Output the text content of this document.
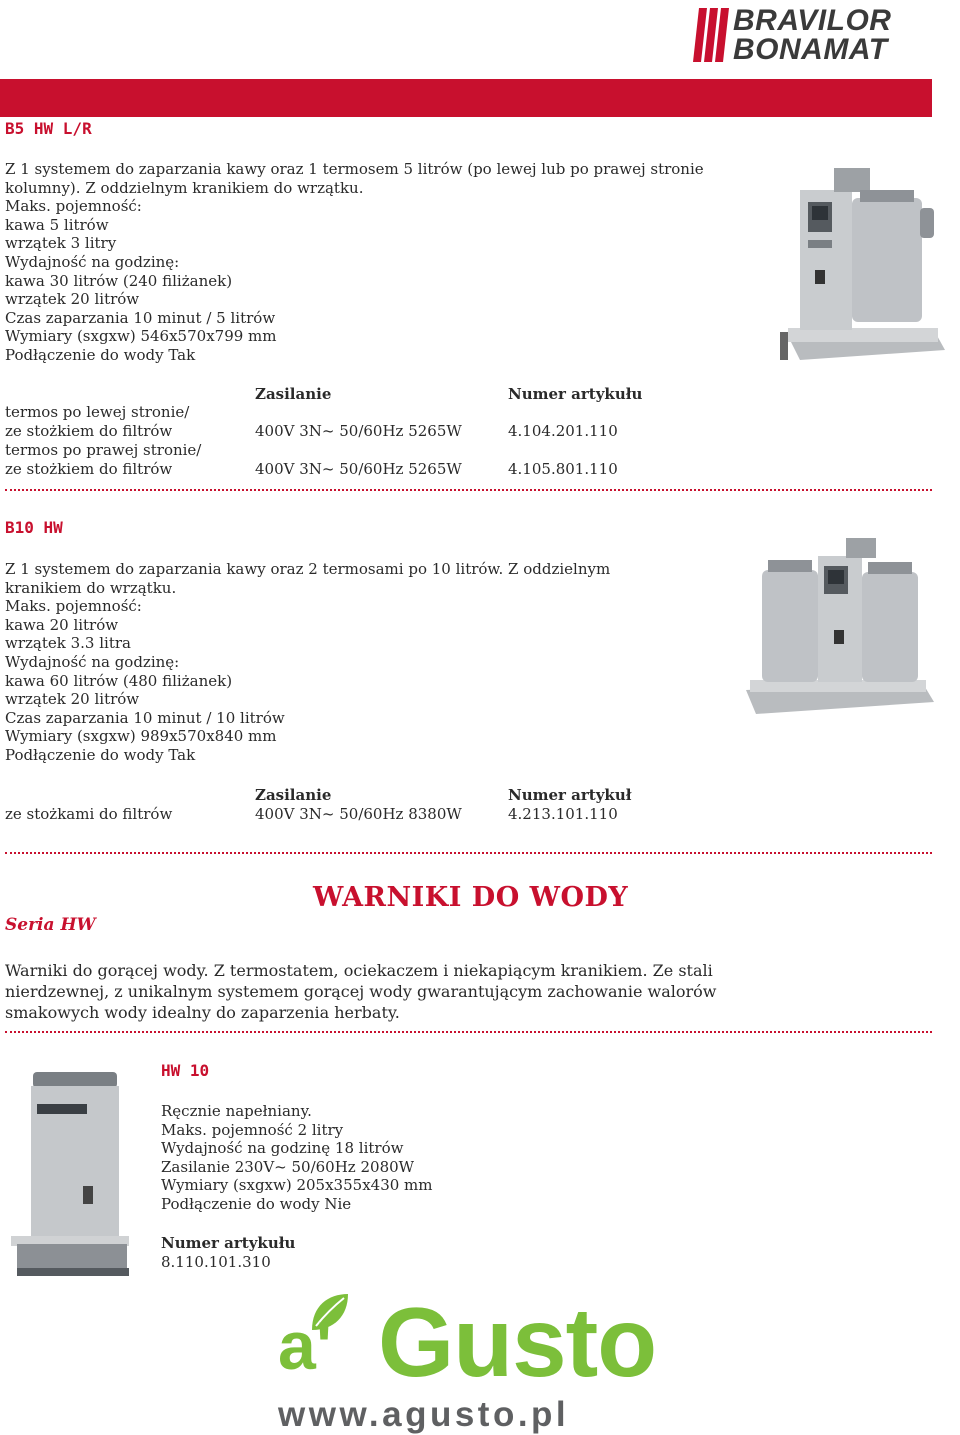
BRAVILOR
BONAMAT
B5 HW L/R
Z 1 systemem do zaparzania kawy oraz 1 termosem 5 litrów (po lewej lub po prawej stronie
kolumny). Z oddzielnym kranikiem do wrzątku.
Maks. pojemność:
kawa 5 litrów
wrzątek 3 litry
Wydajność na godzinę:
kawa 30 litrów (240 filiżanek)
wrzątek 20 litrów
Czas zaparzania 10 minut / 5 litrów
Wymiary (sxgxw) 546x570x799 mm
Podłączenie do wody Tak
Zasilanie	Numer artykułu
termos po lewej stronie/
ze stożkiem do filtrów	400V 3N~ 50/60Hz 5265W	4.104.201.110
termos po prawej stronie/
ze stożkiem do filtrów	400V 3N~ 50/60Hz 5265W	4.105.801.110
B10 HW
Z 1 systemem do zaparzania kawy oraz 2 termosami po 10 litrów. Z oddzielnym
kranikiem do wrzątku.
Maks. pojemność:
kawa 20 litrów
wrzątek 3.3 litra
Wydajność na godzinę:
kawa 60 litrów (480 filiżanek)
wrzątek 20 litrów
Czas zaparzania 10 minut / 10 litrów
Wymiary (sxgxw) 989x570x840 mm
Podłączenie do wody Tak
Zasilanie	Numer artykuł
ze stożkami do filtrów	400V 3N~ 50/60Hz 8380W	4.213.101.110
Seria HW
WARNIKI DO WODY
Warniki do gorącej wody. Z termostatem, ociekaczem i niekapiącym kranikiem. Ze stali
nierdzewnej, z unikalnym systemem gorącej wody gwarantującym zachowanie walorów
smakowych wody idealny do zaparzenia herbaty.
HW 10
Ręcznie napełniany.
Maks. pojemność 2 litry
Wydajność na godzinę 18 litrów
Zasilanie 230V~ 50/60Hz 2080W
Wymiary (sxgxw) 205x355x430 mm
Podłączenie do wody Nie
Numer artykułu
8.110.101.310
a' Gusto
www.agusto.pl
